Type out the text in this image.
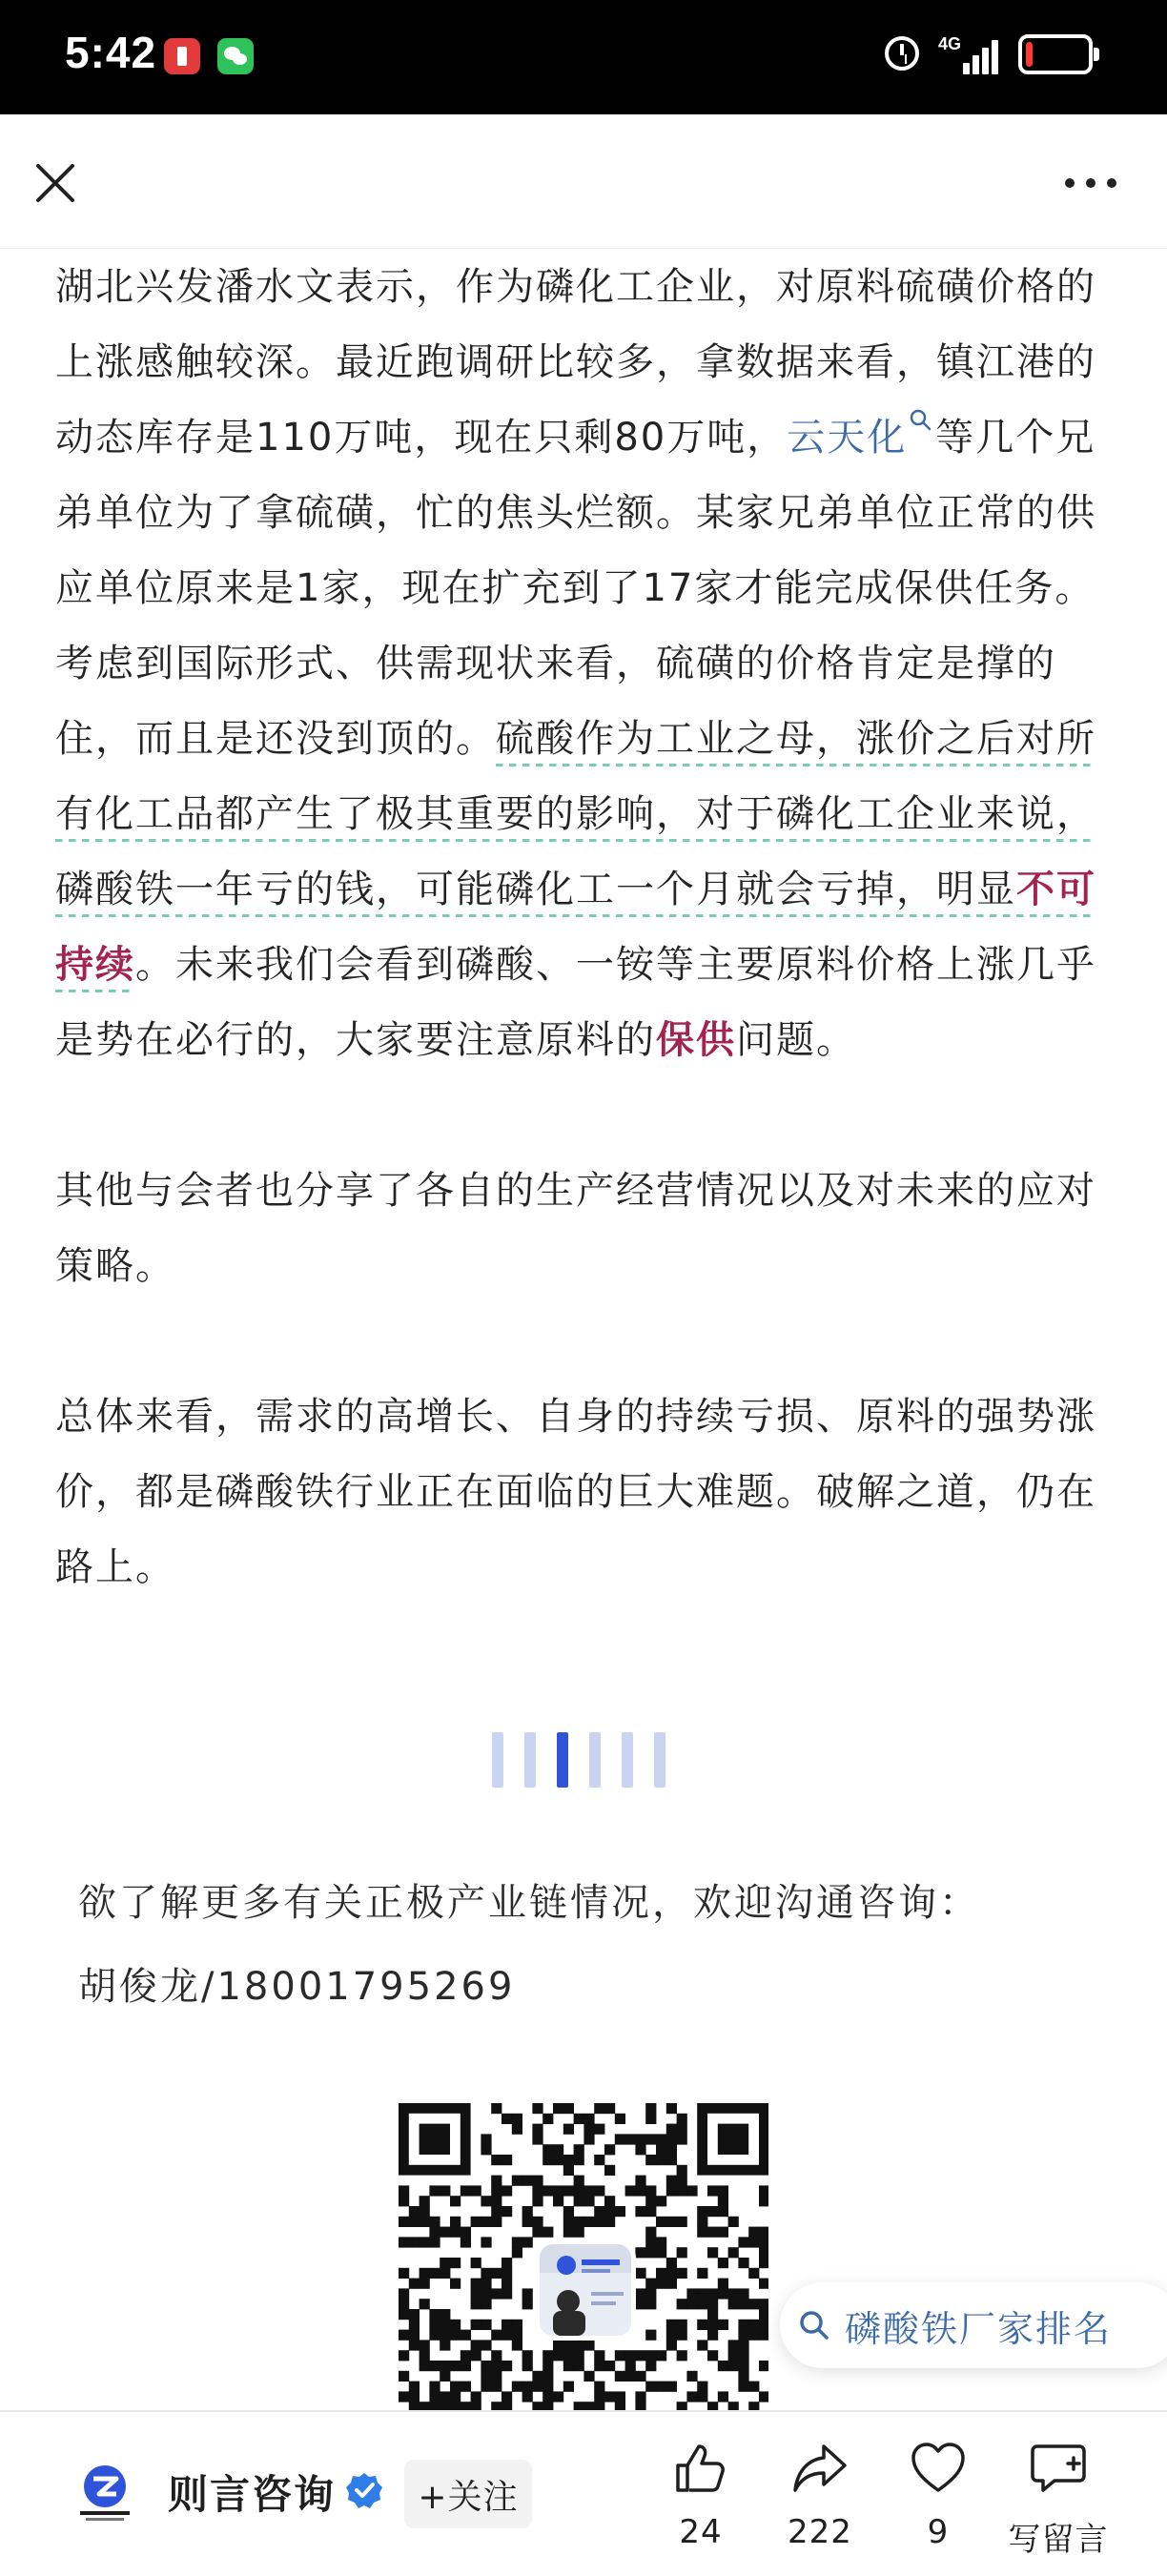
5:42	4G

湖北兴发潘水文表示，作为磷化工企业，对原料硫磺价格的上涨感触较深。最近跑调研比较多，拿数据来看，镇江港的动态库存是110万吨，现在只剩80万吨，云天化 等几个兄弟单位为了拿硫磺，忙的焦头烂额。某家兄弟单位正常的供应单位原来是1家，现在扩充到了17家才能完成保供任务。考虑到国际形式、供需现状来看，硫磺的价格肯定是撑的住，而且是还没到顶的。硫酸作为工业之母，涨价之后对所有化工品都产生了极其重要的影响，对于磷化工企业来说，磷酸铁一年亏的钱，可能磷化工一个月就会亏掉，明显不可持续。未来我们会看到磷酸、一铵等主要原料价格上涨几乎是势在必行的，大家要注意原料的保供问题。

其他与会者也分享了各自的生产经营情况以及对未来的应对策略。

总体来看，需求的高增长、自身的持续亏损、原料的强势涨价，都是磷酸铁行业正在面临的巨大难题。破解之道，仍在路上。

欲了解更多有关正极产业链情况，欢迎沟通咨询：

胡俊龙/18001795269

磷酸铁厂家排名
则言咨询	+关注
24	222	9	写留言
